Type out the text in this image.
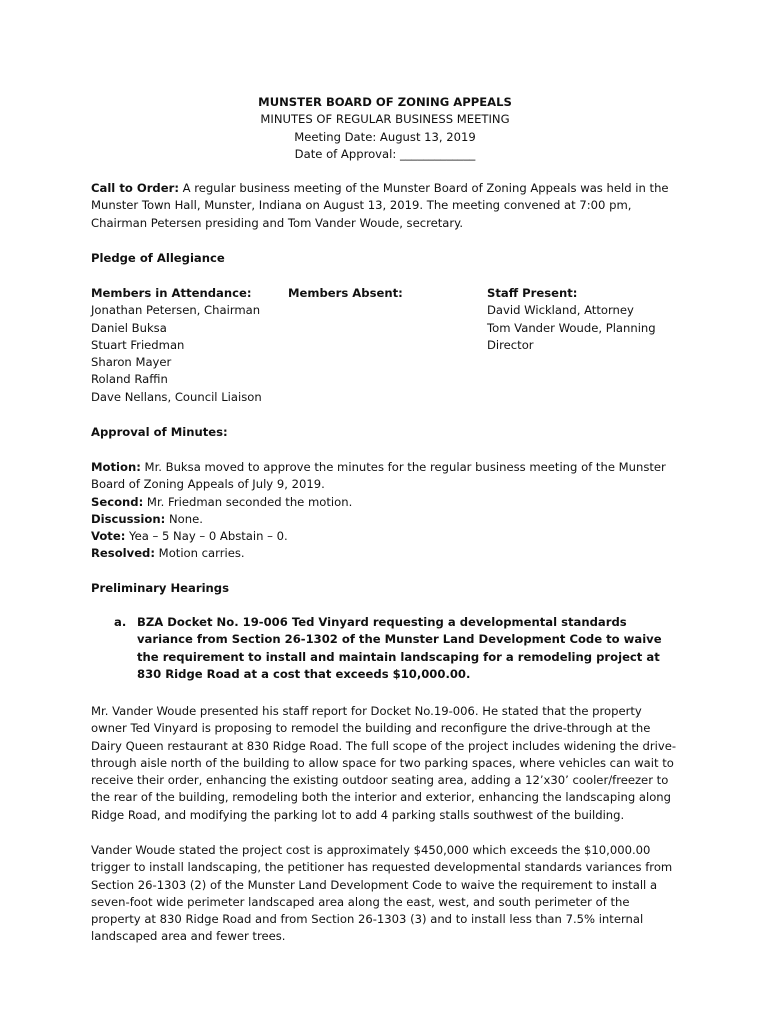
MUNSTER BOARD OF ZONING APPEALS
MINUTES OF REGULAR BUSINESS MEETING
Meeting Date: August 13, 2019
Date of Approval: _____________

Call to Order: A regular business meeting of the Munster Board of Zoning Appeals was held in the Munster Town Hall, Munster, Indiana on August 13, 2019. The meeting convened at 7:00 pm, Chairman Petersen presiding and Tom Vander Woude, secretary.

Pledge of Allegiance

Members in Attendance:
Jonathan Petersen, Chairman
Daniel Buksa
Stuart Friedman
Sharon Mayer
Roland Raffin
Dave Nellans, Council Liaison
Members Absent:	Staff Present:
David Wickland, Attorney
Tom Vander Woude, Planning
Director

Approval of Minutes:

Motion: Mr. Buksa moved to approve the minutes for the regular business meeting of the Munster Board of Zoning Appeals of July 9, 2019.

Second: Mr. Friedman seconded the motion.

Discussion: None.

Vote: Yea – 5 Nay – 0 Abstain – 0.

Resolved: Motion carries.

Preliminary Hearings

a. BZA Docket No. 19-006 Ted Vinyard requesting a developmental standards variance from Section 26-1302 of the Munster Land Development Code to waive the requirement to install and maintain landscaping for a remodeling project at 830 Ridge Road at a cost that exceeds $10,000.00.

Mr. Vander Woude presented his staff report for Docket No.19-006. He stated that the property owner Ted Vinyard is proposing to remodel the building and reconfigure the drive-through at the Dairy Queen restaurant at 830 Ridge Road. The full scope of the project includes widening the drive-through aisle north of the building to allow space for two parking spaces, where vehicles can wait to receive their order, enhancing the existing outdoor seating area, adding a 12’x30’ cooler/freezer to the rear of the building, remodeling both the interior and exterior, enhancing the landscaping along Ridge Road, and modifying the parking lot to add 4 parking stalls southwest of the building.

Vander Woude stated the project cost is approximately $450,000 which exceeds the $10,000.00 trigger to install landscaping, the petitioner has requested developmental standards variances from Section 26-1303 (2) of the Munster Land Development Code to waive the requirement to install a seven-foot wide perimeter landscaped area along the east, west, and south perimeter of the property at 830 Ridge Road and from Section 26-1303 (3) and to install less than 7.5% internal landscaped area and fewer trees.
